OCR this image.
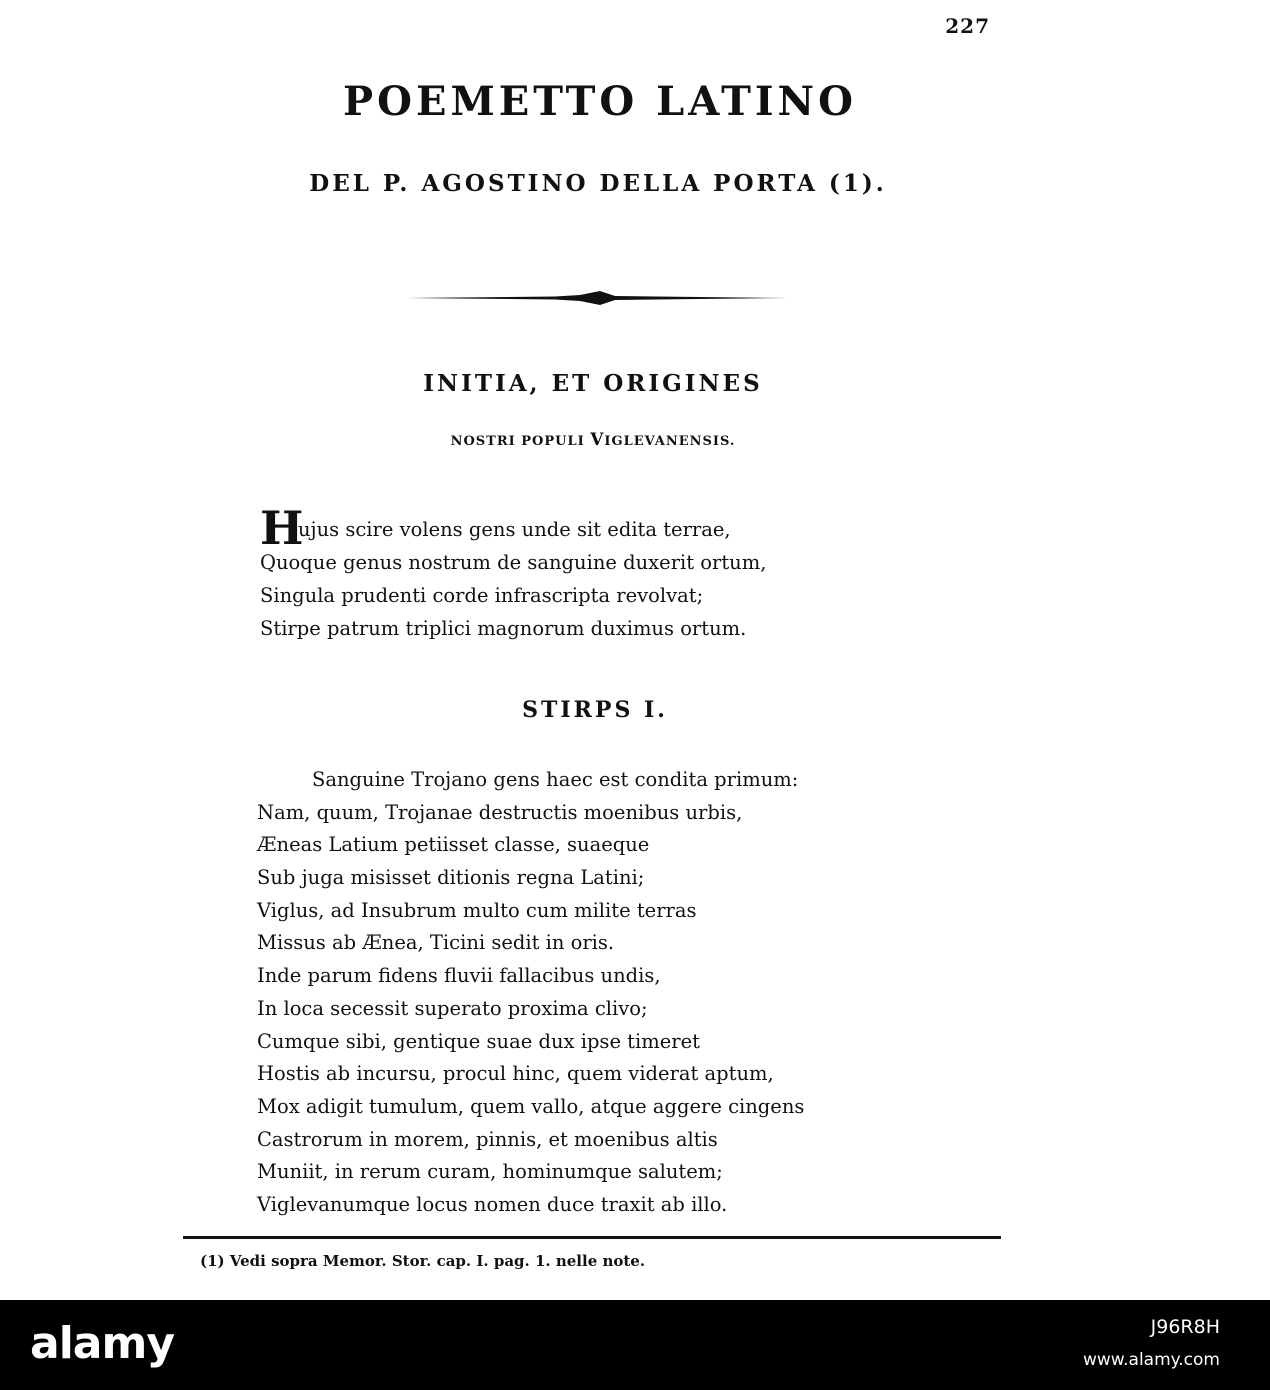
227
POEMETTO LATINO
DEL P. AGOSTINO DELLA PORTA (1).
INITIA, ET ORIGINES
NOSTRI POPULI VIGLEVANENSIS.
H
ujus scire volens gens unde sit edita terrae,
Quoque genus nostrum de sanguine duxerit ortum,
Singula prudenti corde infrascripta revolvat;
Stirpe patrum triplici magnorum duximus ortum.
STIRPS I.
Sanguine Trojano gens haec est condita primum:
Nam, quum, Trojanae destructis moenibus urbis,
Æneas Latium petiisset classe, suaeque
Sub juga misisset ditionis regna Latini;
Viglus, ad Insubrum multo cum milite terras
Missus ab Ænea, Ticini sedit in oris.
Inde parum fidens fluvii fallacibus undis,
In loca secessit superato proxima clivo;
Cumque sibi, gentique suae dux ipse timeret
Hostis ab incursu, procul hinc, quem viderat aptum,
Mox adigit tumulum, quem vallo, atque aggere cingens
Castrorum in morem, pinnis, et moenibus altis
Muniit, in rerum curam, hominumque salutem;
Viglevanumque locus nomen duce traxit ab illo.
(1) Vedi sopra Memor. Stor. cap. I. pag. 1. nelle note.
alamy	J96R8H
www.alamy.com
